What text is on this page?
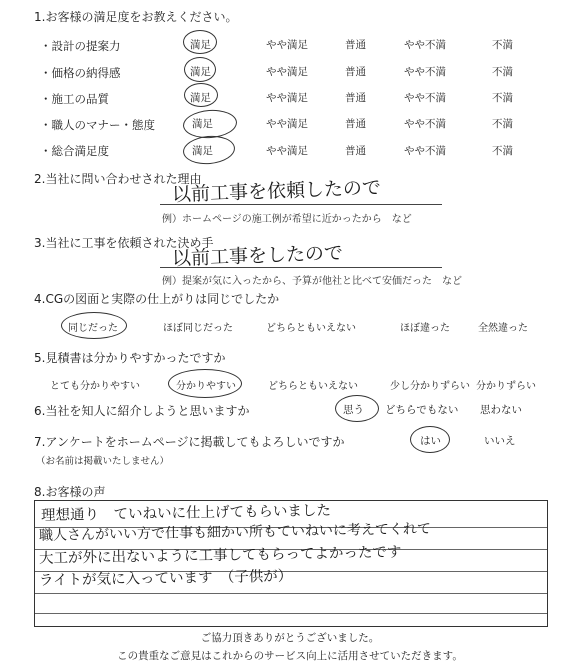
1.お客様の満足度をお教えください。
・設計の提案力	満足	やや満足	普通	やや不満	不満
・価格の納得感	満足	やや満足	普通	やや不満	不満
・施工の品質	満足	やや満足	普通	やや不満	不満
・職人のマナー・態度	満足	やや満足	普通	やや不満	不満
・総合満足度	満足	やや満足	普通	やや不満	不満
2.当社に問い合わせされた理由
以前工事を依頼したので
例）ホームページの施工例が希望に近かったから　など
3.当社に工事を依頼された決め手
以前工事をしたので
例）提案が気に入ったから、予算が他社と比べて安価だった　など
4.CGの図面と実際の仕上がりは同じでしたか
同じだった	ほぼ同じだった	どちらともいえない	ほぼ違った	全然違った
5.見積書は分かりやすかったですか
とても分かりやすい	分かりやすい	どちらともいえない	少し分かりずらい 分かりずらい
6.当社を知人に紹介しようと思いますか	思う どちらでもない 思わない
7.アンケートをホームページに掲載してもよろしいですか
（お名前は掲載いたしません）
はい	いいえ
8.お客様の声
理想通り　ていねいに仕上げてもらいました
職人さんがいい方で仕事も細かい所もていねいに考えてくれて
大工が外に出ないように工事してもらってよかったです
ライトが気に入っています　（子供が）
ご協力頂きありがとうございました。
この貴重なご意見はこれからのサービス向上に活用させていただきます。
